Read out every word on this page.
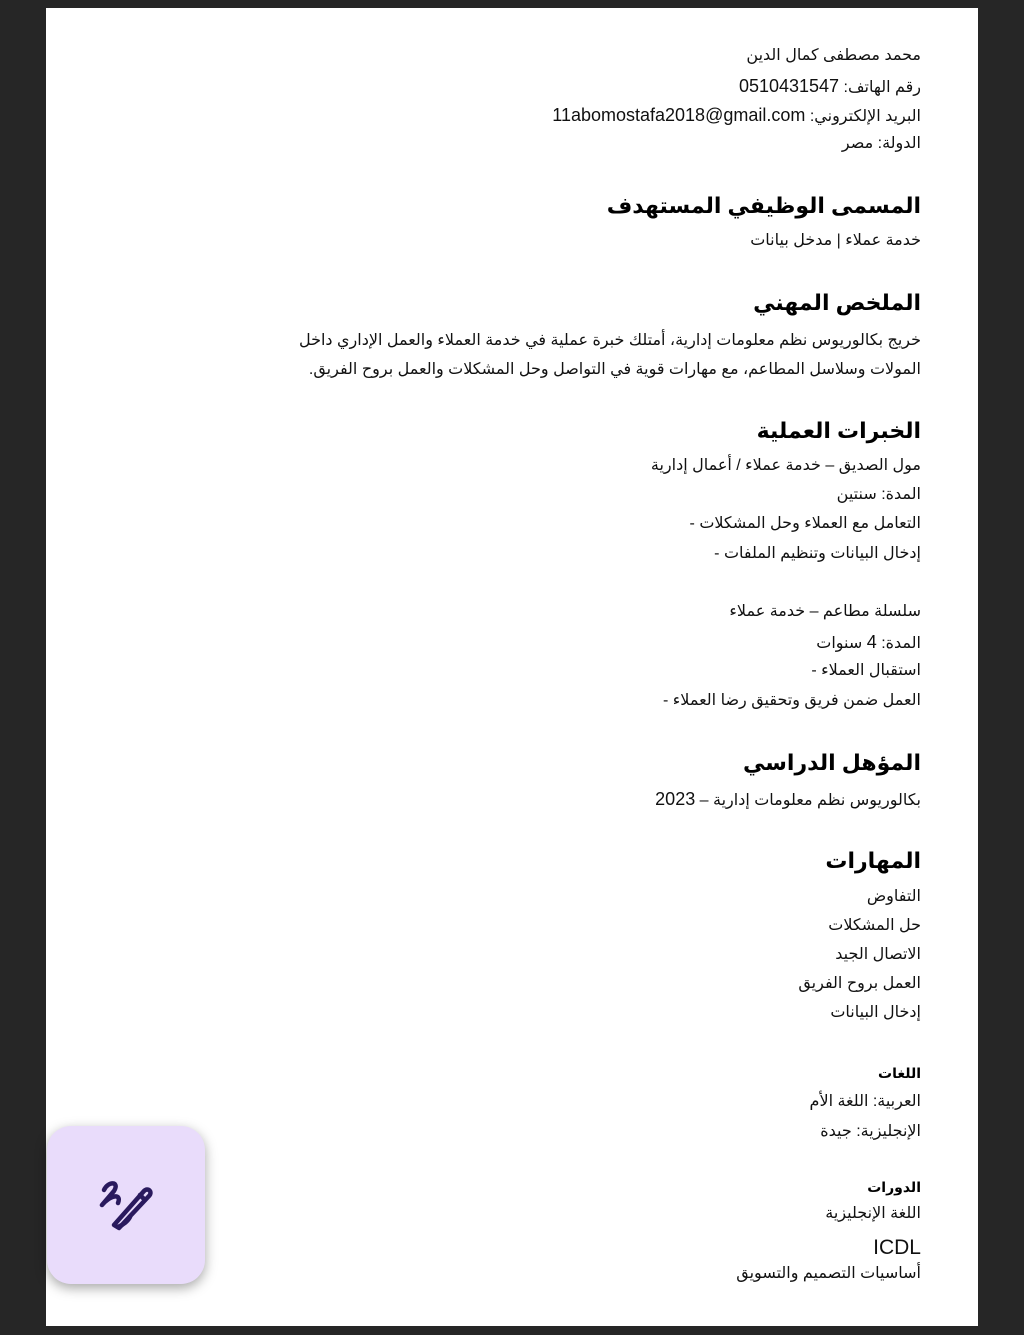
محمد مصطفى كمال الدين
رقم الهاتف: 0510431547
البريد الإلكتروني: 11abomostafa2018@gmail.com
الدولة: مصر
المسمى الوظيفي المستهدف
خدمة عملاء | مدخل بيانات
الملخص المهني
خريج بكالوريوس نظم معلومات إدارية، أمتلك خبرة عملية في خدمة العملاء والعمل الإداري داخل المولات وسلاسل المطاعم، مع مهارات قوية في التواصل وحل المشكلات والعمل بروح الفريق.
الخبرات العملية
مول الصديق – خدمة عملاء / أعمال إدارية
المدة: سنتين
التعامل مع العملاء وحل المشكلات -
إدخال البيانات وتنظيم الملفات -
سلسلة مطاعم – خدمة عملاء
المدة: 4 سنوات
استقبال العملاء -
العمل ضمن فريق وتحقيق رضا العملاء -
المؤهل الدراسي
بكالوريوس نظم معلومات إدارية – 2023
المهارات
التفاوض
حل المشكلات
الاتصال الجيد
العمل بروح الفريق
إدخال البيانات
اللغات
العربية: اللغة الأم
الإنجليزية: جيدة
الدورات
اللغة الإنجليزية
ICDL
أساسيات التصميم والتسويق
